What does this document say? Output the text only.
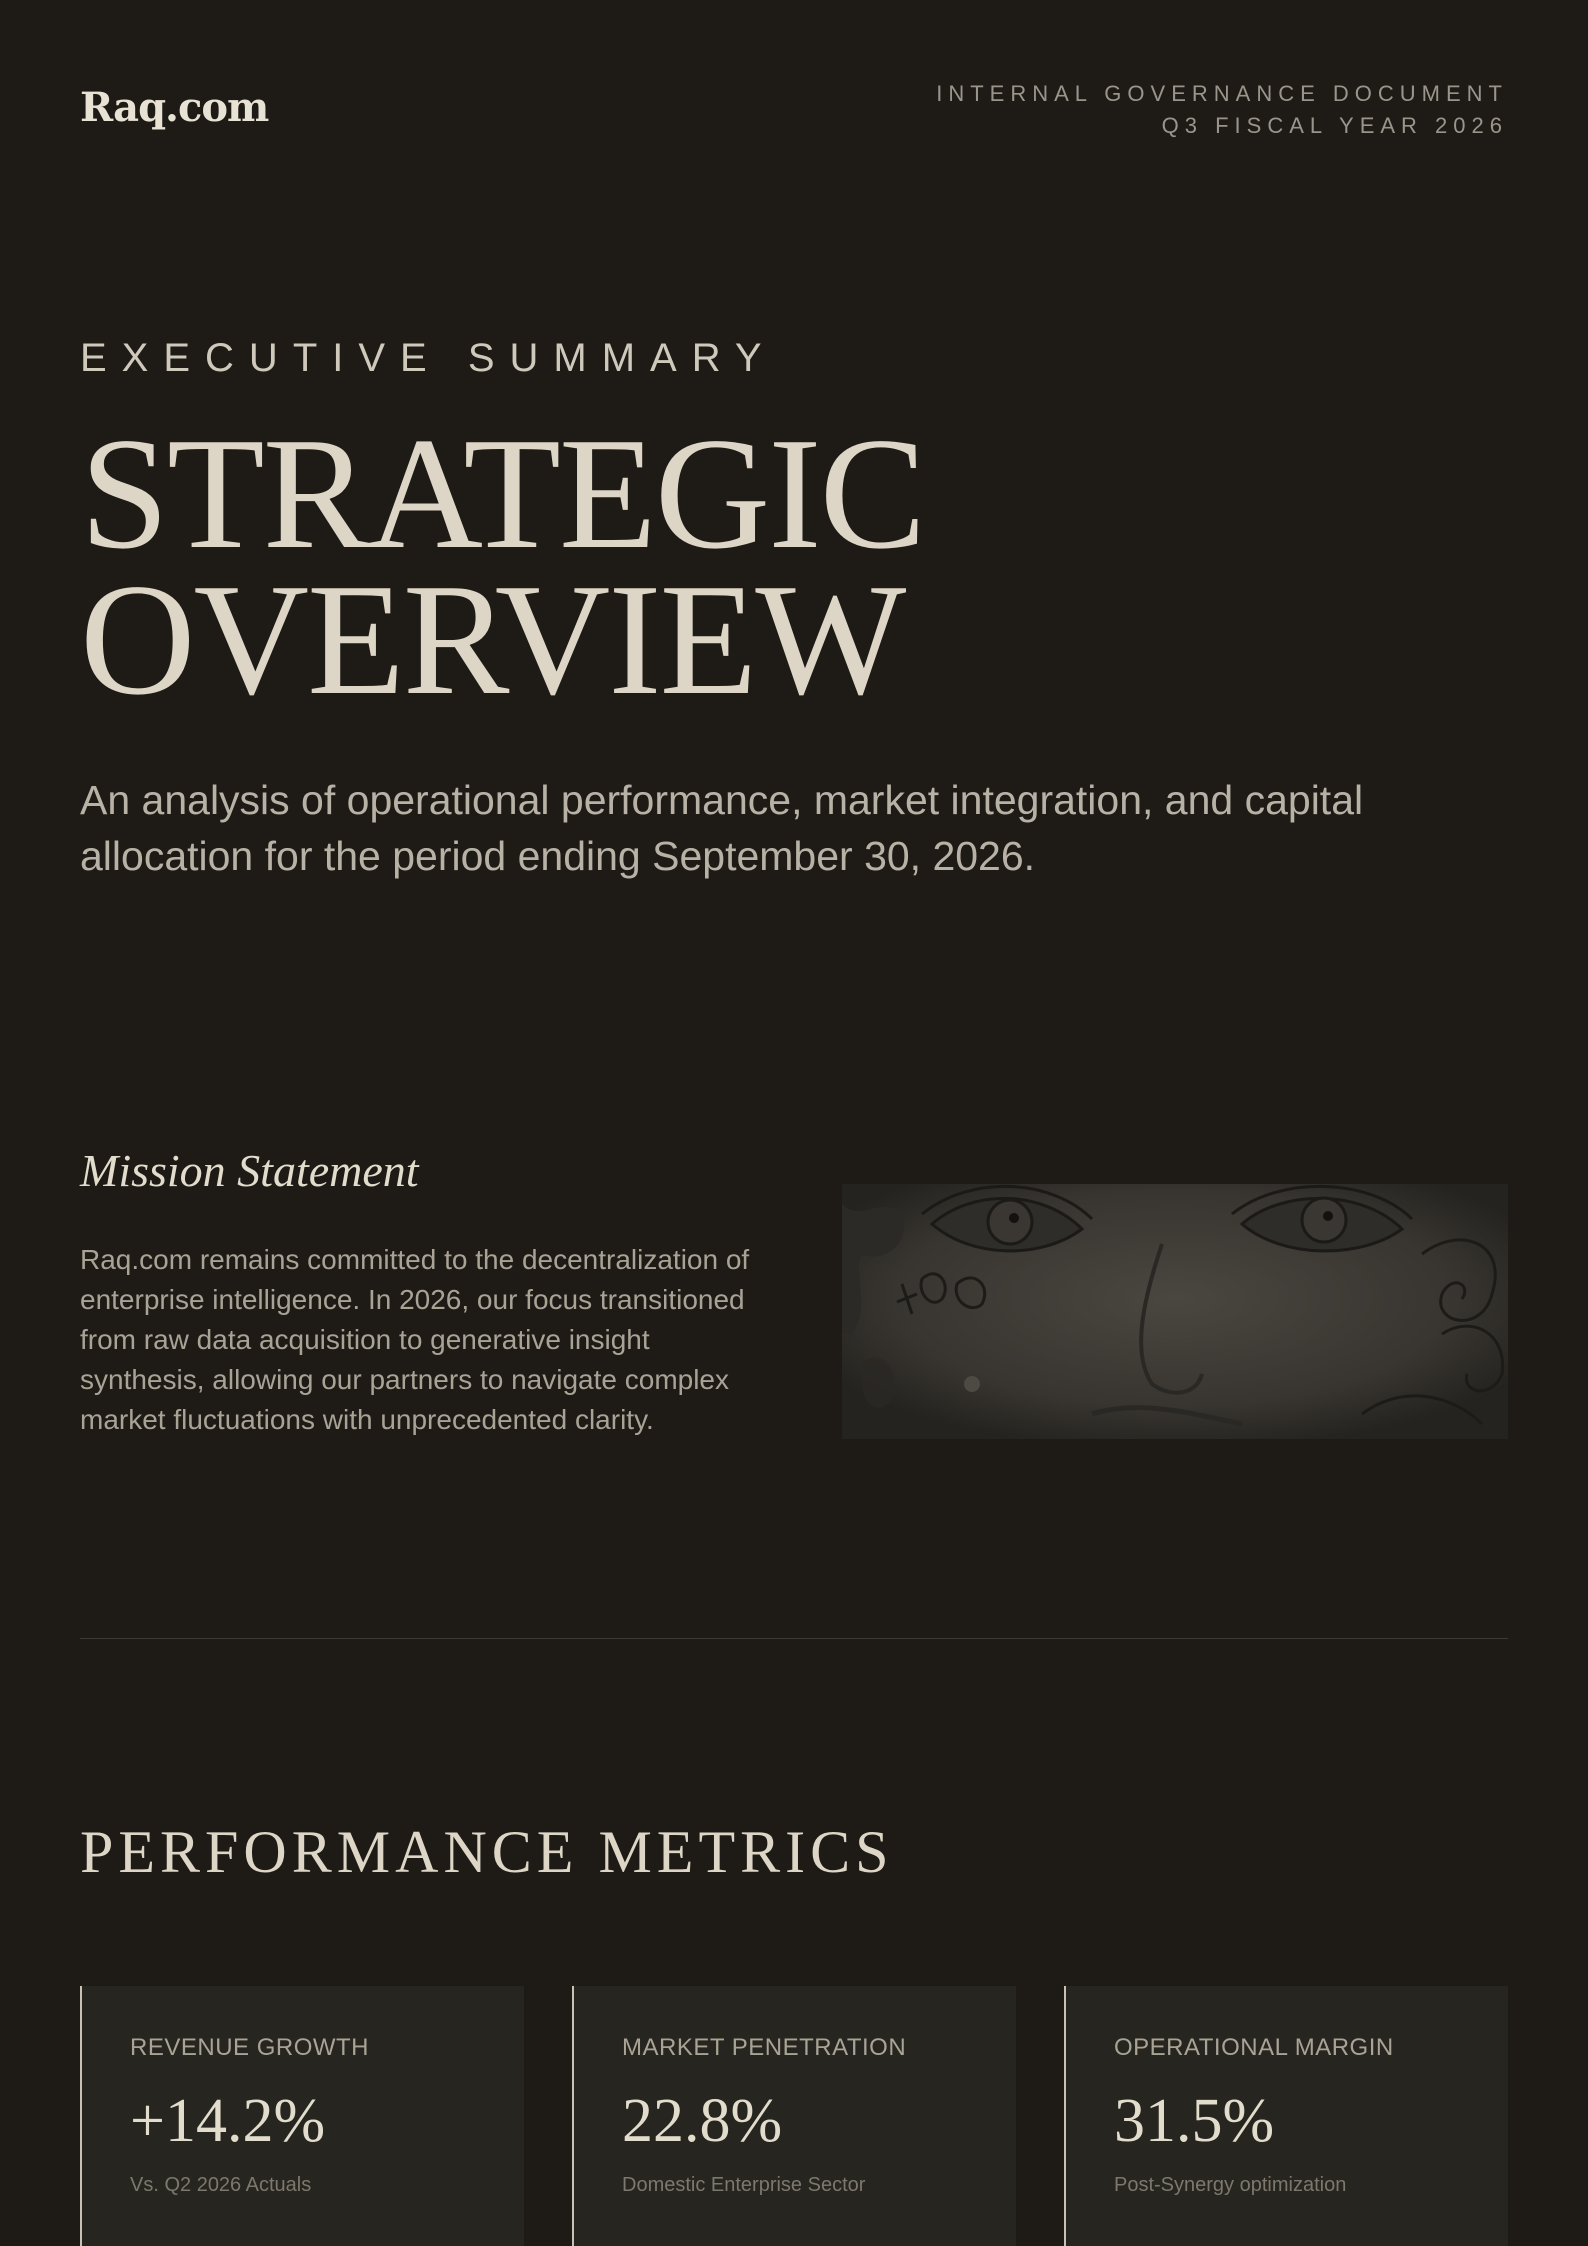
Raq.com	INTERNAL GOVERNANCE DOCUMENT
Q3 FISCAL YEAR 2026
EXECUTIVE SUMMARY
STRATEGIC
OVERVIEW

An analysis of operational performance, market integration, and capital allocation for the period ending September 30, 2026.

Mission Statement

Raq.com remains committed to the decentralization of enterprise intelligence. In 2026, our focus transitioned from raw data acquisition to generative insight synthesis, allowing our partners to navigate complex market fluctuations with unprecedented clarity.

PERFORMANCE METRICS
REVENUE GROWTH
+14.2%
Vs. Q2 2026 Actuals
MARKET PENETRATION
22.8%
Domestic Enterprise Sector
OPERATIONAL MARGIN
31.5%
Post-Synergy optimization
